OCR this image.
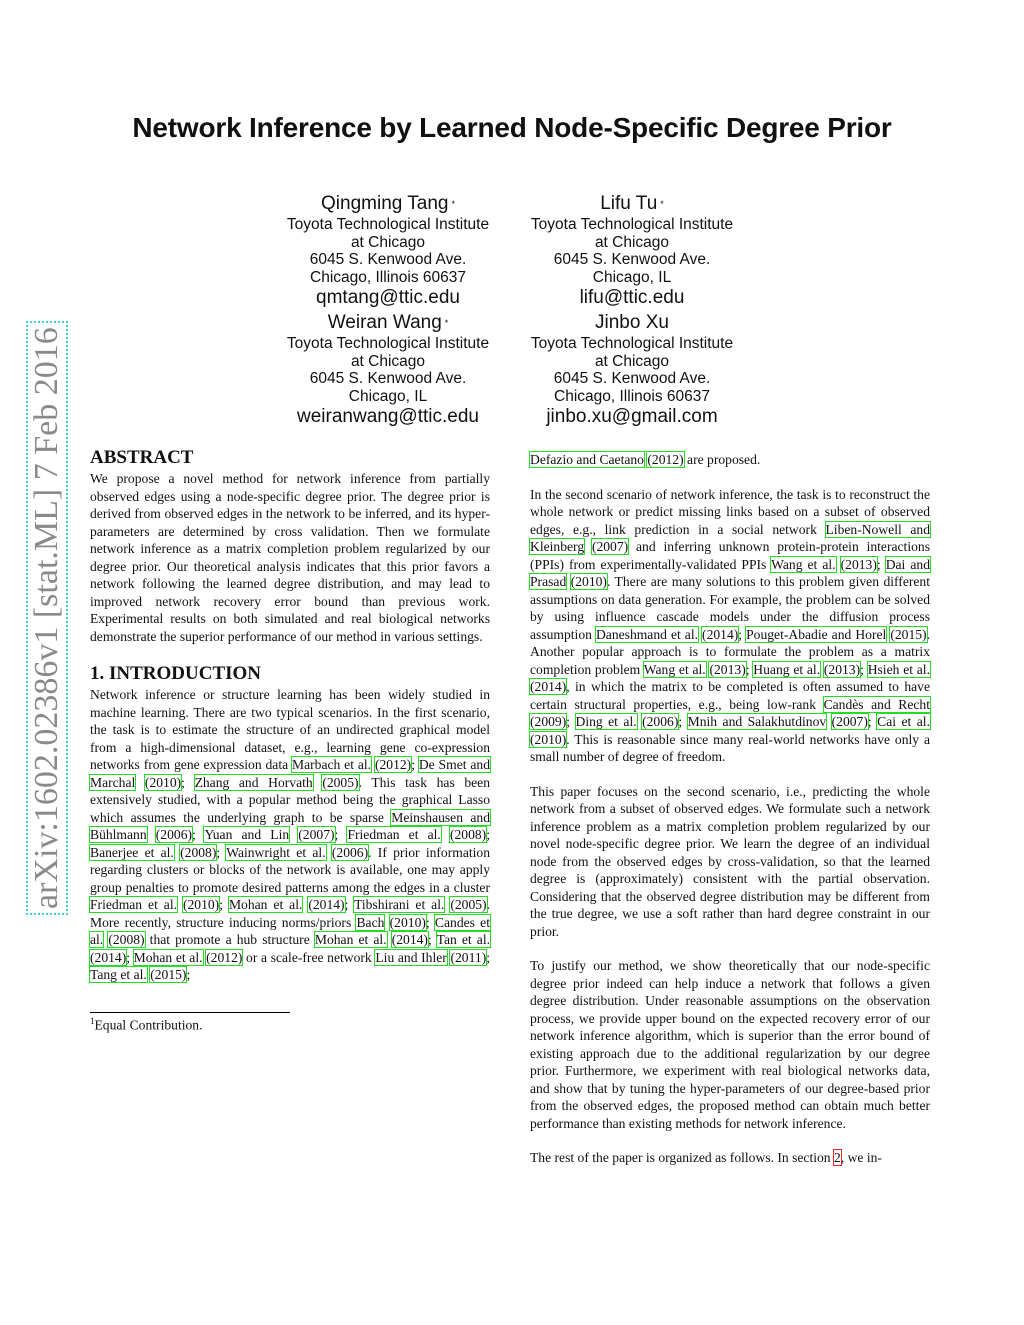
arXiv:1602.02386v1 [stat.ML] 7 Feb 2016
Network Inference by Learned Node-Specific Degree Prior
Qingming Tang *
Toyota Technological Institute
at Chicago
6045 S. Kenwood Ave.
Chicago, Illinois 60637
qmtang@ttic.edu
Lifu Tu *
Toyota Technological Institute
at Chicago
6045 S. Kenwood Ave.
Chicago, IL
lifu@ttic.edu
Weiran Wang *
Toyota Technological Institute
at Chicago
6045 S. Kenwood Ave.
Chicago, IL
weiranwang@ttic.edu
Jinbo Xu
Toyota Technological Institute
at Chicago
6045 S. Kenwood Ave.
Chicago, Illinois 60637
jinbo.xu@gmail.com
ABSTRACT

We propose a novel method for network inference from partially observed edges using a node-specific degree prior. The degree prior is derived from observed edges in the network to be inferred, and its hyper-parameters are determined by cross validation. Then we formulate network inference as a matrix completion problem regularized by our degree prior. Our theoretical analysis indicates that this prior favors a network following the learned degree distribution, and may lead to improved network recovery error bound than previous work. Experimental results on both simulated and real biological networks demonstrate the superior performance of our method in various settings.

1. INTRODUCTION

Network inference or structure learning has been widely studied in machine learning. There are two typical scenarios. In the first scenario, the task is to estimate the structure of an undirected graphical model from a high-dimensional dataset, e.g., learning gene co-expression networks from gene expression data Marbach et al. (2012); De Smet and Marchal (2010); Zhang and Horvath (2005). This task has been extensively studied, with a popular method being the graphical Lasso which assumes the underlying graph to be sparse Meinshausen and Bühlmann (2006); Yuan and Lin (2007); Friedman et al. (2008); Banerjee et al. (2008); Wainwright et al. (2006). If prior information regarding clusters or blocks of the network is available, one may apply group penalties to promote desired patterns among the edges in a cluster Friedman et al. (2010); Mohan et al. (2014); Tibshirani et al. (2005). More recently, structure inducing norms/priors Bach (2010); Candes et al. (2008) that promote a hub structure Mohan et al. (2014); Tan et al. (2014); Mohan et al. (2012) or a scale-free network Liu and Ihler (2011); Tang et al. (2015);

$^1$Equal Contribution.

Defazio and Caetano (2012) are proposed.

In the second scenario of network inference, the task is to reconstruct the whole network or predict missing links based on a subset of observed edges, e.g., link prediction in a social network Liben-Nowell and Kleinberg (2007) and inferring unknown protein-protein interactions (PPIs) from experimentally-validated PPIs Wang et al. (2013); Dai and Prasad (2010). There are many solutions to this problem given different assumptions on data generation. For example, the problem can be solved by using influence cascade models under the diffusion process assumption Daneshmand et al. (2014); Pouget-Abadie and Horel (2015). Another popular approach is to formulate the problem as a matrix completion problem Wang et al. (2013); Huang et al. (2013); Hsieh et al. (2014), in which the matrix to be completed is often assumed to have certain structural properties, e.g., being low-rank Candès and Recht (2009); Ding et al. (2006); Mnih and Salakhutdinov (2007); Cai et al. (2010). This is reasonable since many real-world networks have only a small number of degree of freedom.

This paper focuses on the second scenario, i.e., predicting the whole network from a subset of observed edges. We formulate such a network inference problem as a matrix completion problem regularized by our novel node-specific degree prior. We learn the degree of an individual node from the observed edges by cross-validation, so that the learned degree is (approximately) consistent with the partial observation. Considering that the observed degree distribution may be different from the true degree, we use a soft rather than hard degree constraint in our prior.

To justify our method, we show theoretically that our node-specific degree prior indeed can help induce a network that follows a given degree distribution. Under reasonable assumptions on the observation process, we provide upper bound on the expected recovery error of our network inference algorithm, which is superior than the error bound of existing approach due to the additional regularization by our degree prior. Furthermore, we experiment with real biological networks data, and show that by tuning the hyper-parameters of our degree-based prior from the observed edges, the proposed method can obtain much better performance than existing methods for network inference.

The rest of the paper is organized as follows. In section 2, we in-
